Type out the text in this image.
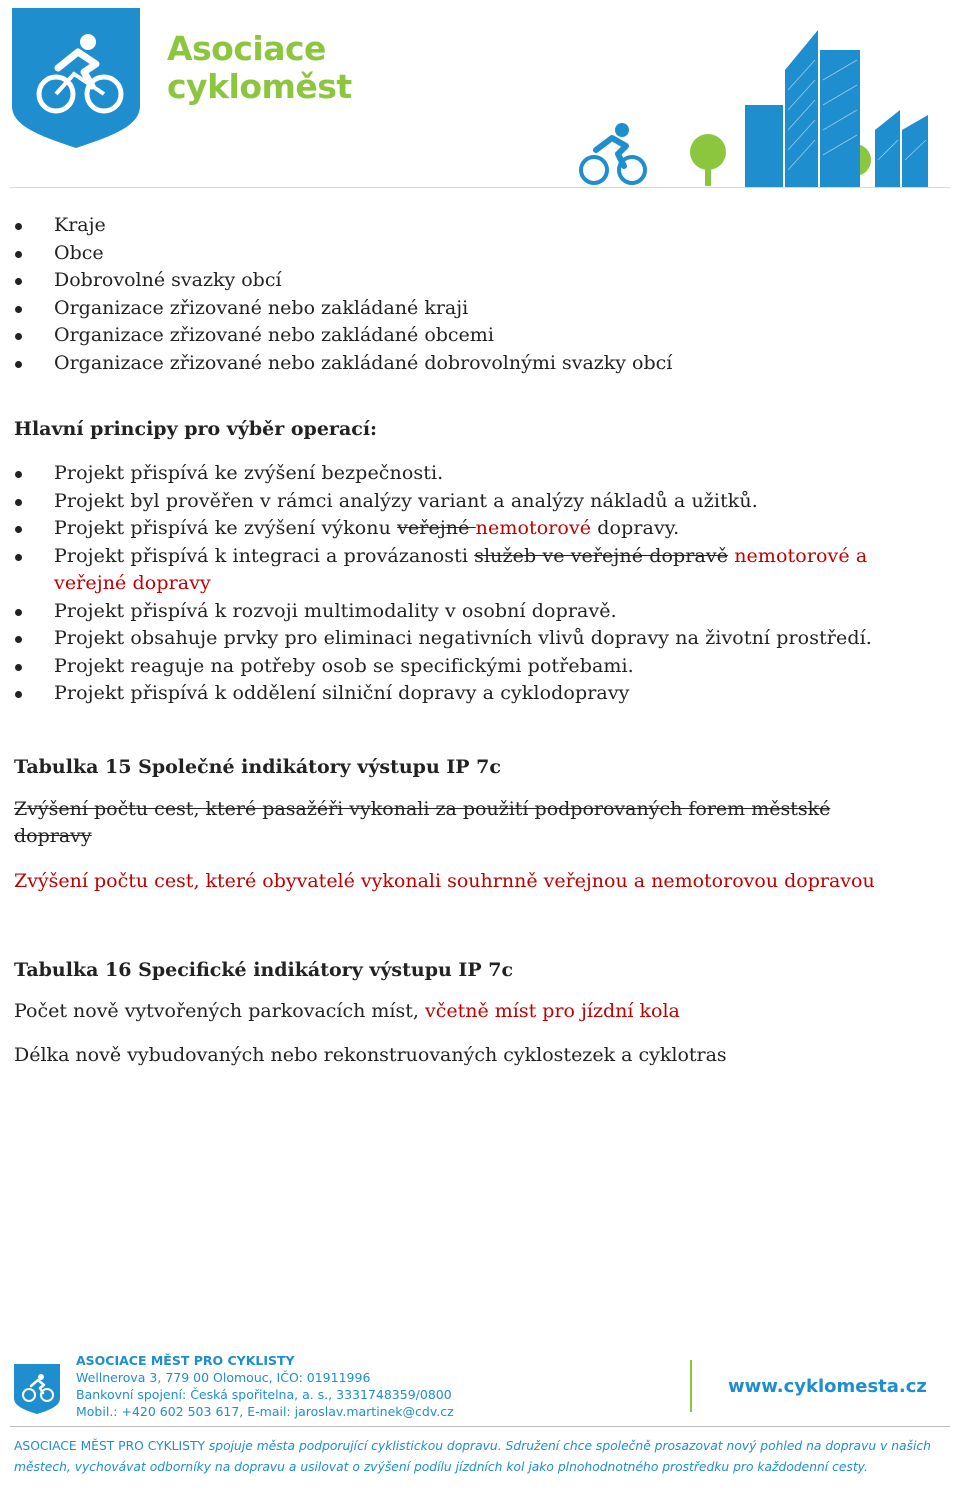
Asociace
cykloměst
Kraje
Obce
Dobrovolné svazky obcí
Organizace zřizované nebo zakládané kraji
Organizace zřizované nebo zakládané obcemi
Organizace zřizované nebo zakládané dobrovolnými svazky obcí
Hlavní principy pro výběr operací:
Projekt přispívá ke zvýšení bezpečnosti.
Projekt byl prověřen v rámci analýzy variant a analýzy nákladů a užitků.
Projekt přispívá ke zvýšení výkonu veřejné nemotorové dopravy.
Projekt přispívá k integraci a provázanosti služeb ve veřejné dopravě nemotorové a veřejné dopravy
Projekt přispívá k rozvoji multimodality v osobní dopravě.
Projekt obsahuje prvky pro eliminaci negativních vlivů dopravy na životní prostředí.
Projekt reaguje na potřeby osob se specifickými potřebami.
Projekt přispívá k oddělení silniční dopravy a cyklodopravy
Tabulka 15 Společné indikátory výstupu IP 7c

Zvýšení počtu cest, které pasažéři vykonali za použití podporovaných forem městské dopravy

Zvýšení počtu cest, které obyvatelé vykonali souhrnně veřejnou a nemotorovou dopravou

Tabulka 16 Specifické indikátory výstupu IP 7c

Počet nově vytvořených parkovacích míst, včetně míst pro jízdní kola

Délka nově vybudovaných nebo rekonstruovaných cyklostezek a cyklotras

ASOCIACE MĚST PRO CYKLISTY
Wellnerova 3, 779 00 Olomouc, IČO: 01911996
Bankovní spojení: Česká spořitelna, a. s., 3331748359/0800
Mobil.: +420 602 503 617, E-mail: jaroslav.martinek@cdv.cz
www.cyklomesta.cz
ASOCIACE MĚST PRO CYKLISTY spojuje města podporující cyklistickou dopravu. Sdružení chce společně prosazovat nový pohled na dopravu v našich městech, vychovávat odborníky na dopravu a usilovat o zvýšení podílu jízdních kol jako plnohodnotného prostředku pro každodenní cesty.
